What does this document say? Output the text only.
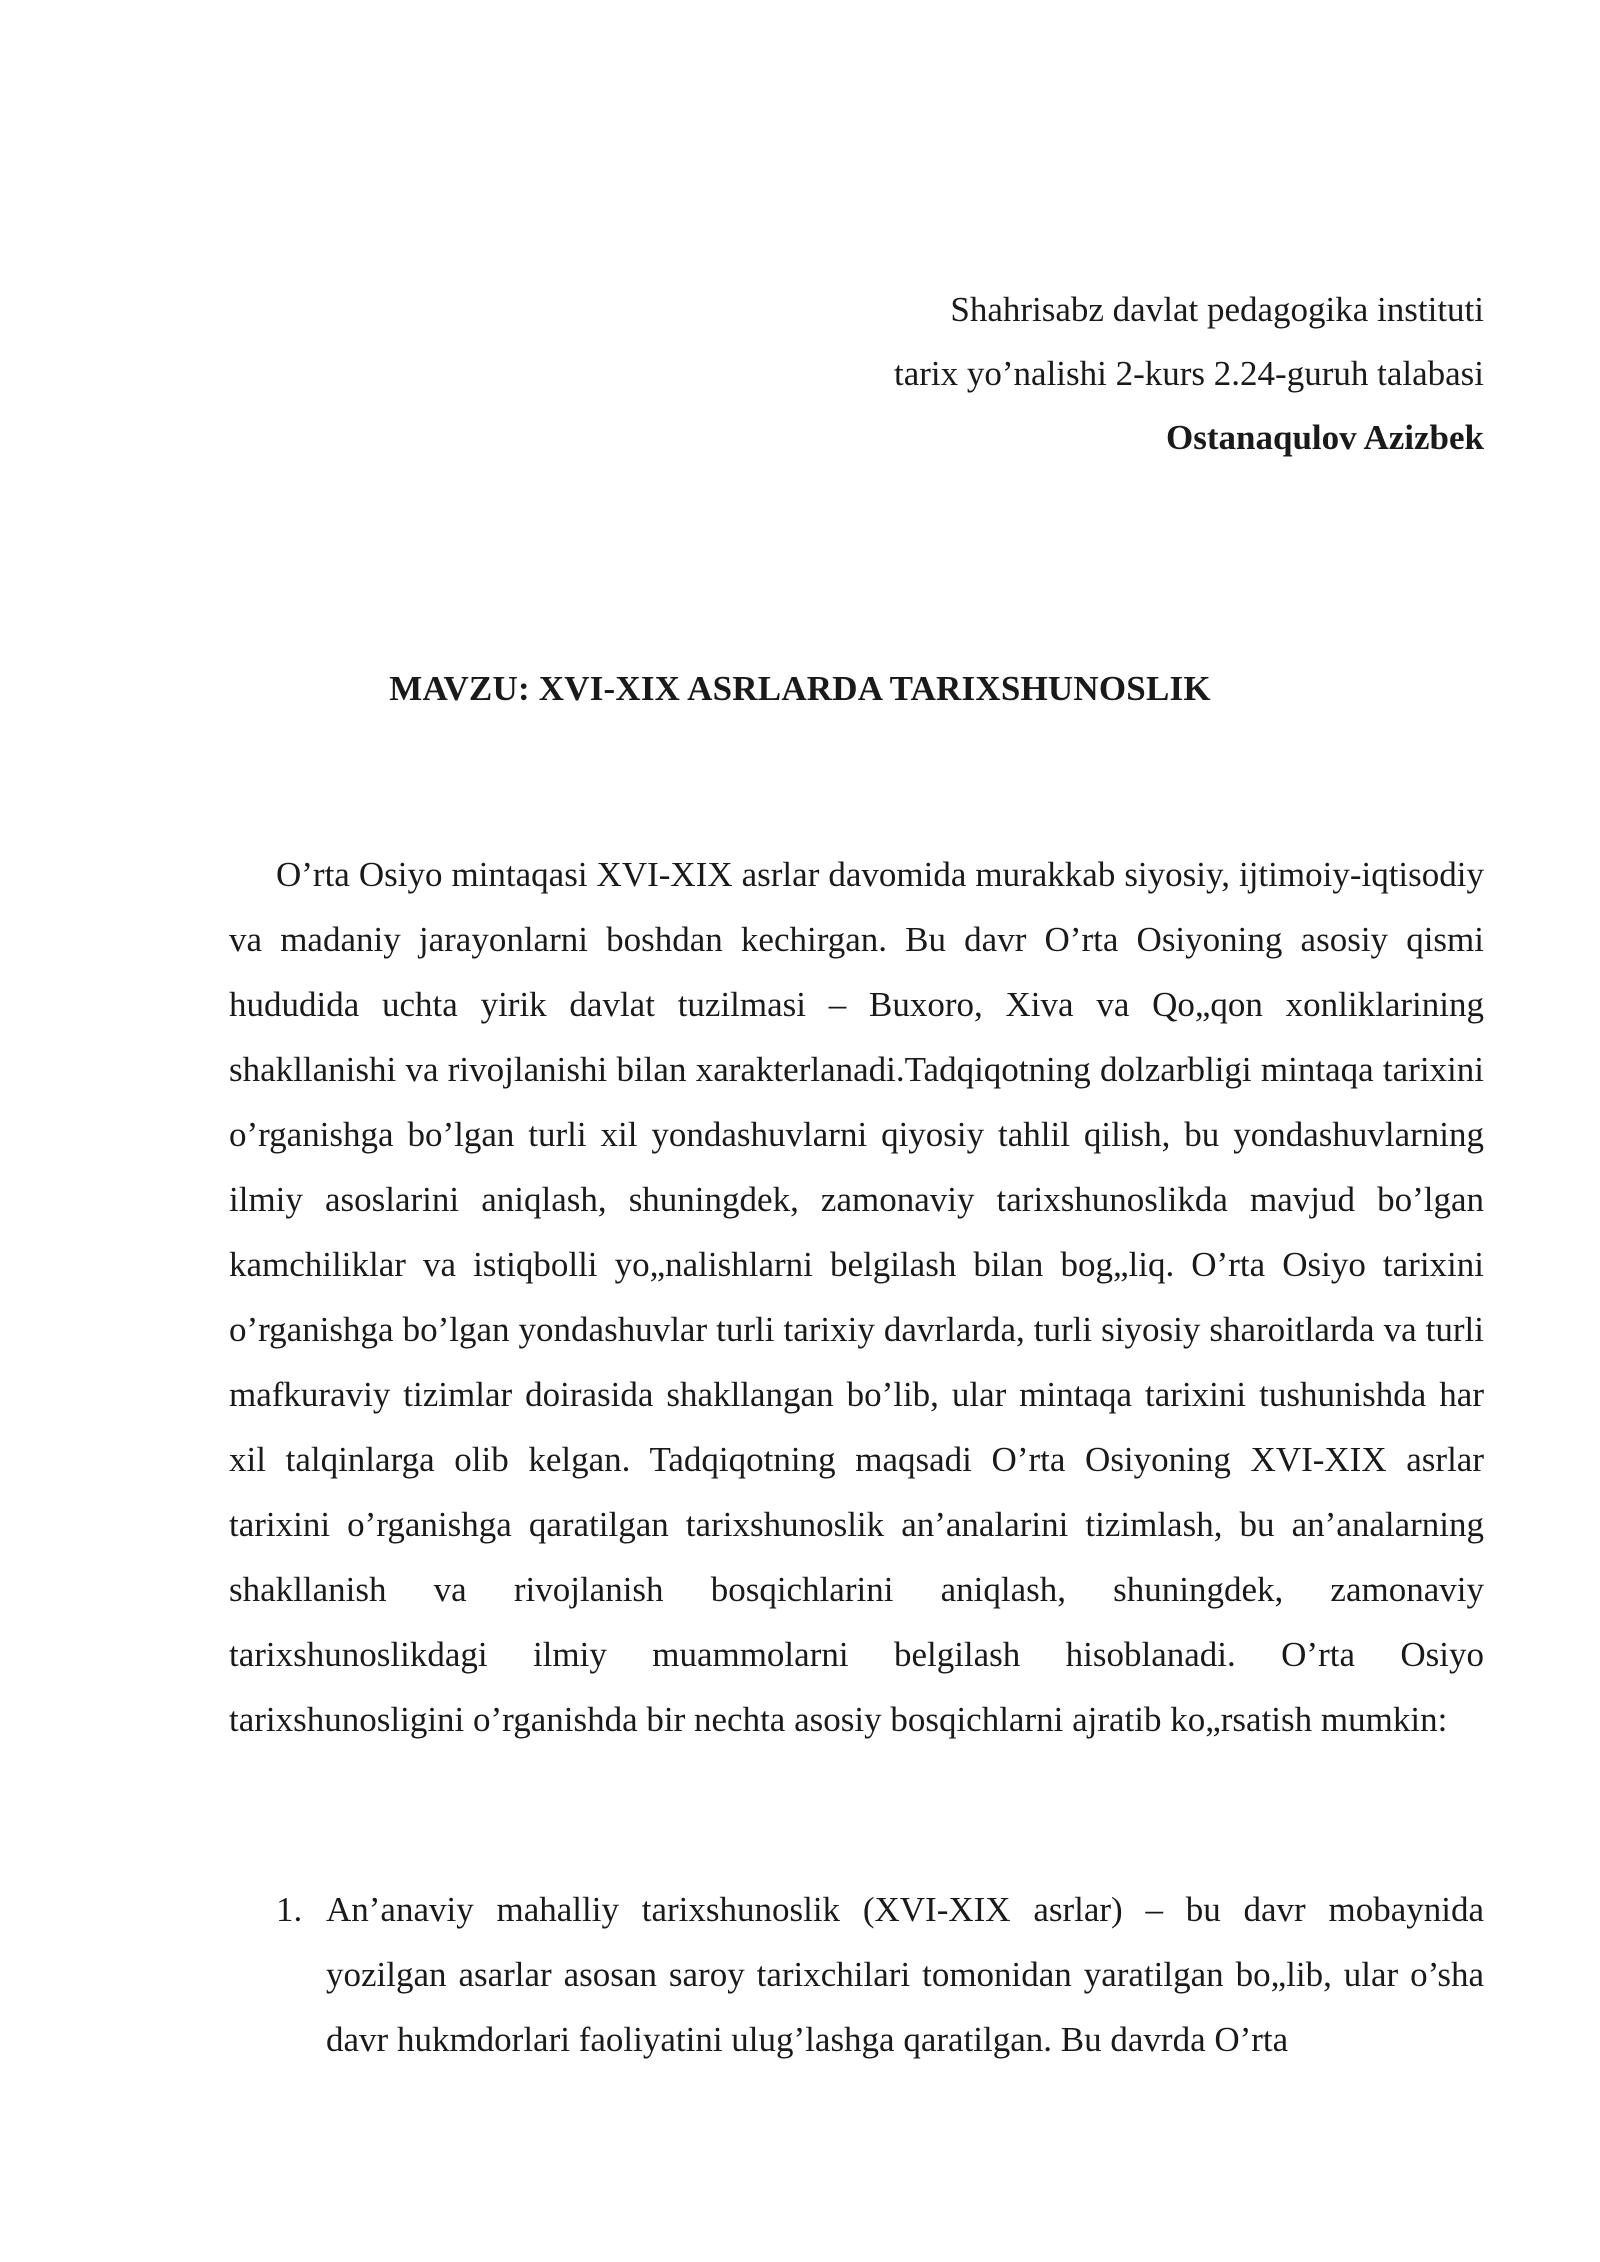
Shahrisabz davlat pedagogika instituti
tarix yo’nalishi 2-kurs 2.24-guruh talabasi
Ostanaqulov Azizbek
MAVZU: XVI-XIX ASRLARDA TARIXSHUNOSLIK

O’rta Osiyo mintaqasi XVI-XIX asrlar davomida murakkab siyosiy, ijtimoiy-iqtisodiy va madaniy jarayonlarni boshdan kechirgan. Bu davr O’rta Osiyoning asosiy qismi hududida uchta yirik davlat tuzilmasi – Buxoro, Xiva va Qo„qon xonliklarining shakllanishi va rivojlanishi bilan xarakterlanadi.Tadqiqotning dolzarbligi mintaqa tarixini o’rganishga bo’lgan turli xil yondashuvlarni qiyosiy tahlil qilish, bu yondashuvlarning ilmiy asoslarini aniqlash, shuningdek, zamonaviy tarixshunoslikda mavjud bo’lgan kamchiliklar va istiqbolli yo„nalishlarni belgilash bilan bog„liq. O’rta Osiyo tarixini o’rganishga bo’lgan yondashuvlar turli tarixiy davrlarda, turli siyosiy sharoitlarda va turli mafkuraviy tizimlar doirasida shakllangan bo’lib, ular mintaqa tarixini tushunishda har xil talqinlarga olib kelgan. Tadqiqotning maqsadi O’rta Osiyoning XVI-XIX asrlar tarixini o’rganishga qaratilgan tarixshunoslik an’analarini tizimlash, bu an’analarning shakllanish va rivojlanish bosqichlarini aniqlash, shuningdek, zamonaviy tarixshunoslikdagi ilmiy muammolarni belgilash hisoblanadi. O’rta Osiyo tarixshunosligini o’rganishda bir nechta asosiy bosqichlarni ajratib ko„rsatish mumkin:

1. An’anaviy mahalliy tarixshunoslik (XVI-XIX asrlar) – bu davr mobaynida yozilgan asarlar asosan saroy tarixchilari tomonidan yaratilgan bo„lib, ular o’sha davr hukmdorlari faoliyatini ulug’lashga qaratilgan. Bu davrda O’rta
